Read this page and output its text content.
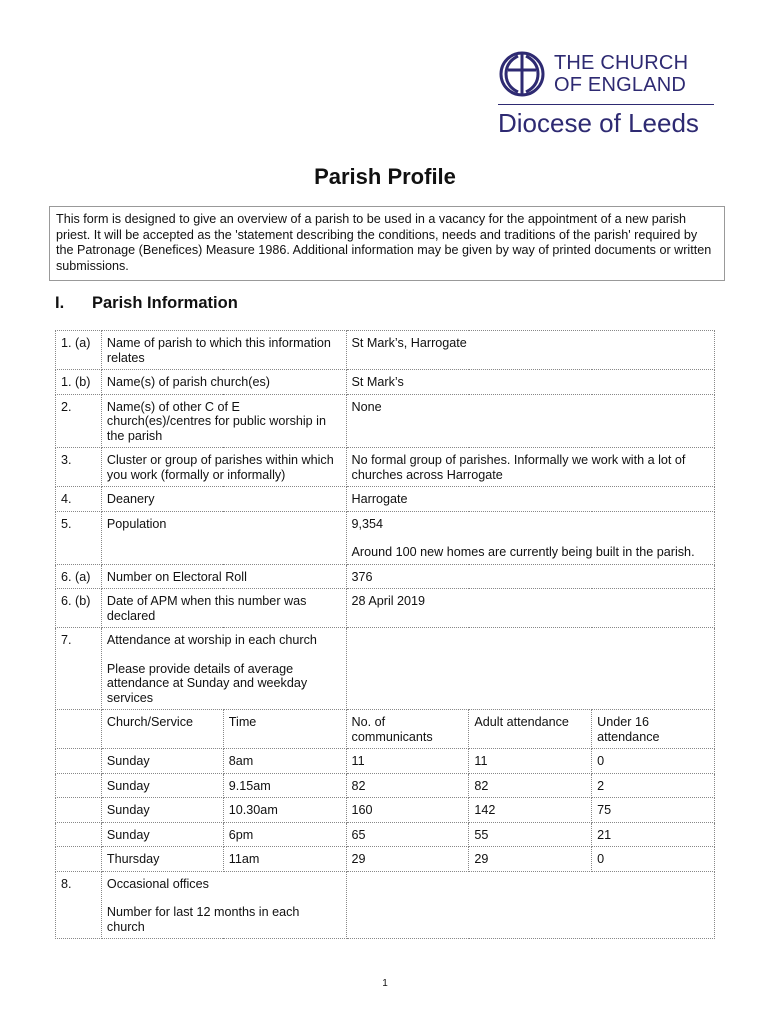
THE CHURCH
OF ENGLAND
Diocese of Leeds
Parish Profile
This form is designed to give an overview of a parish to be used in a vacancy for the appointment of a new parish priest. It will be accepted as the 'statement describing the conditions, needs and traditions of the parish' required by the Patronage (Benefices) Measure 1986. Additional information may be given by way of printed documents or written submissions.
I. Parish Information
1. (a)	Name of parish to which this information relates		St Mark’s, Harrogate		
1. (b)	Name(s) of parish church(es)		St Mark’s		
2.	Name(s) of other C of E church(es)/centres for public worship in the parish		None		
3.	Cluster or group of parishes within which you work (formally or informally)		No formal group of parishes. Informally we work with a lot of churches across Harrogate		
4.	Deanery		Harrogate		
5.	Population		9,354
Around 100 new homes are currently being built in the parish.		

6. (a)	Number on Electoral Roll		376		
6. (b)	Date of APM when this number was declared		28 April 2019		
7.	Attendance at worship in each church
Please provide details of average attendance at Sunday and weekday services				

	Church/Service	Time	No. of communicants	Adult attendance	Under 16 attendance
	Sunday	8am	11	11	0
	Sunday	9.15am	82	82	2
	Sunday	10.30am	160	142	75
	Sunday	6pm	65	55	21
	Thursday	11am	29	29	0
8.	Occasional offices
Number for last 12 months in each church				

1
